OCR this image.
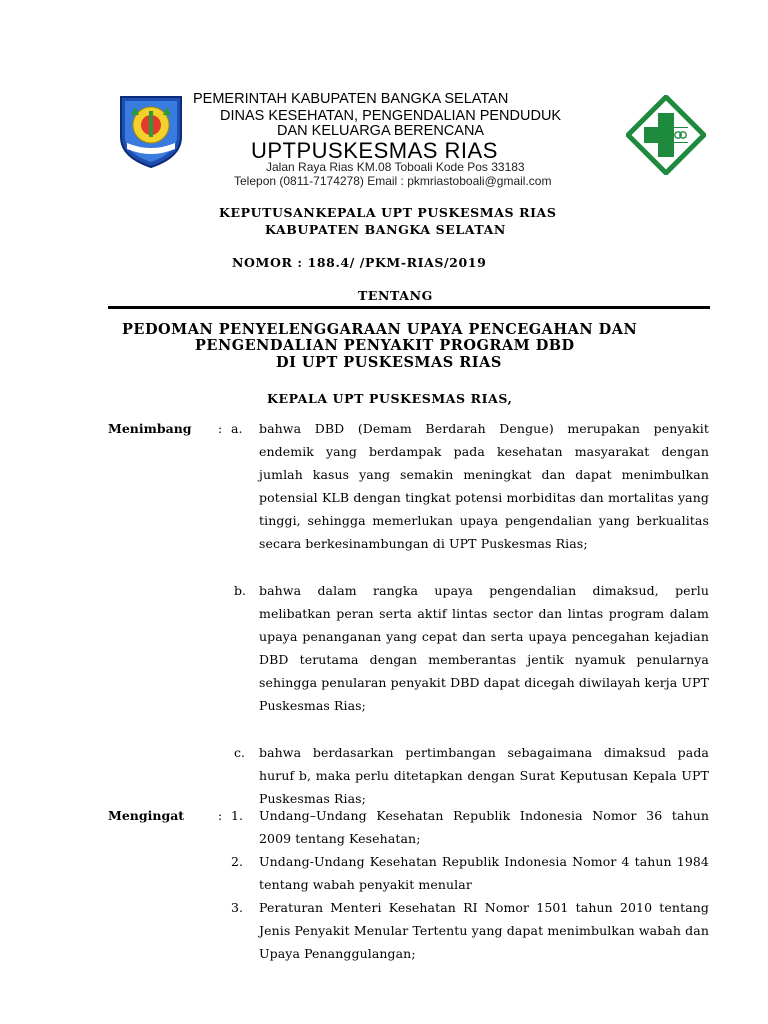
PEMERINTAH KABUPATEN BANGKA SELATAN
DINAS KESEHATAN, PENGENDALIAN PENDUDUK
DAN KELUARGA BERENCANA
UPTPUSKESMAS RIAS
Jalan Raya Rias KM.08 Toboali Kode Pos 33183
Telepon (0811-7174278) Email : pkmriastoboali@gmail.com
KEPUTUSANKEPALA UPT PUSKESMAS RIAS
KABUPATEN BANGKA SELATAN
NOMOR : 188.4/ /PKM-RIAS/2019
TENTANG
PEDOMAN PENYELENGGARAAN UPAYA PENCEGAHAN DAN
PENGENDALIAN PENYAKIT PROGRAM DBD
DI UPT PUSKESMAS RIAS
KEPALA UPT PUSKESMAS RIAS,
Menimbang : a. bahwa DBD (Demam Berdarah Dengue) merupakan penyakit endemik yang berdampak pada kesehatan masyarakat dengan jumlah kasus yang semakin meningkat dan dapat menimbulkan potensial KLB dengan tingkat potensi morbiditas dan mortalitas yang tinggi, sehingga memerlukan upaya pengendalian yang berkualitas secara berkesinambungan di UPT Puskesmas Rias;
b. bahwa dalam rangka upaya pengendalian dimaksud, perlu melibatkan peran serta aktif lintas sector dan lintas program dalam upaya penanganan yang cepat dan serta upaya pencegahan kejadian DBD terutama dengan memberantas jentik nyamuk penularnya sehingga penularan penyakit DBD dapat dicegah diwilayah kerja UPT Puskesmas Rias;
c. bahwa berdasarkan pertimbangan sebagaimana dimaksud pada huruf b, maka perlu ditetapkan dengan Surat Keputusan Kepala UPT Puskesmas Rias;
Mengingat	: 1. Undang–Undang Kesehatan Republik Indonesia Nomor 36 tahun 2009 tentang Kesehatan;
2. Undang-Undang Kesehatan Republik Indonesia Nomor 4 tahun 1984 tentang wabah penyakit menular
3. Peraturan Menteri Kesehatan RI Nomor 1501 tahun 2010 tentang Jenis Penyakit Menular Tertentu yang dapat menimbulkan wabah dan Upaya Penanggulangan;
